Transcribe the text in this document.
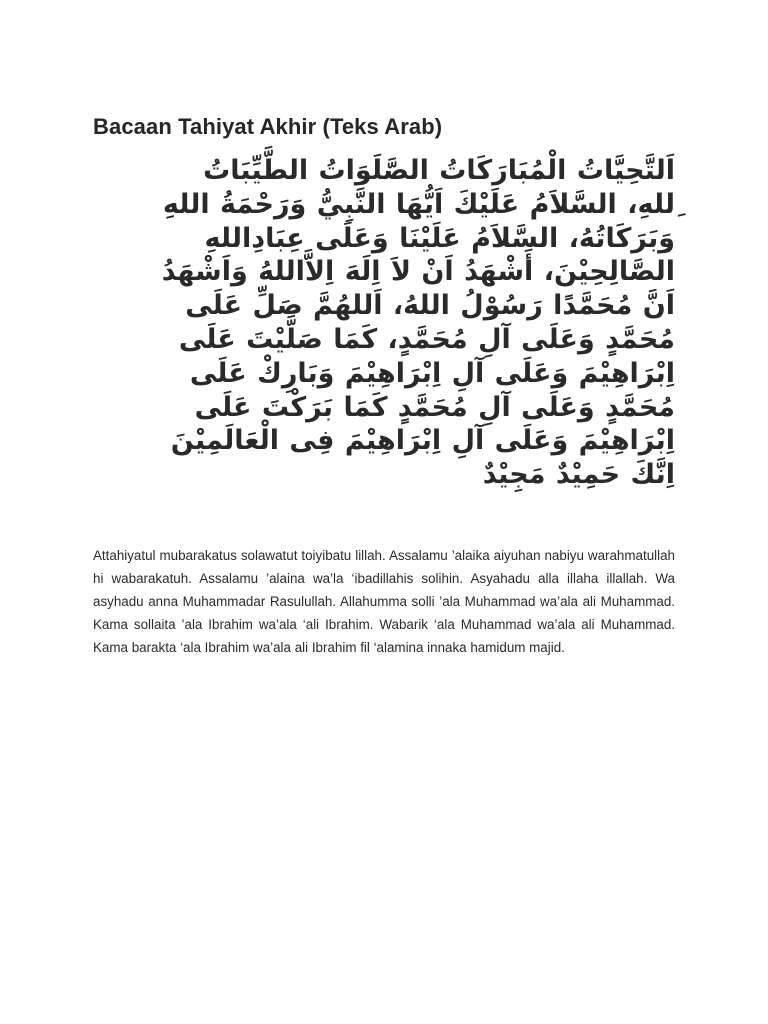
Bacaan Tahiyat Akhir (Teks Arab)
اَلتَّحِيَّاتُ الْمُبَارَكَاتُ الصَّلَوَاتُ الطَّيِّبَاتُ
ِللهِ، السَّلاَمُ عَلَيْكَ اَيُّهَا النَّبِيُّ وَرَحْمَةُ اللهِ
وَبَرَكَاتُهُ، السَّلاَمُ عَلَيْنَا وَعَلَى عِبَادِاللهِ
الصَّالِحِيْنَ، أَشْهَدُ اَنْ لاَ اِلَهَ اِلاَّاللهُ وَاَشْهَدُ
اَنَّ مُحَمَّدًا رَسُوْلُ اللهُ، اَللهُمَّ صَلِّ عَلَى
مُحَمَّدٍ وَعَلَى آلِ مُحَمَّدٍ، كَمَا صَلَّيْتَ عَلَى
اِبْرَاهِيْمَ وَعَلَى آلِ اِبْرَاهِيْمَ وَبَارِكْ عَلَى
مُحَمَّدٍ وَعَلَى آلِ مُحَمَّدٍ كَمَا بَرَكْتَ عَلَى
اِبْرَاهِيْمَ وَعَلَى آلِ اِبْرَاهِيْمَ فِى الْعَالَمِيْنَ
اِنَّكَ حَمِيْدٌ مَجِيْدٌ

Attahiyatul mubarakatus solawatut toiyibatu lillah. Assalamu ’alaika aiyuhan nabiyu warahmatullah hi wabarakatuh. Assalamu ’alaina wa’la ‘ibadillahis solihin. Asyahadu alla illaha illallah. Wa asyhadu anna Muhammadar Rasulullah. Allahumma solli ’ala Muhammad wa’ala ali Muhammad. Kama sollaita ’ala Ibrahim wa’ala ‘ali Ibrahim. Wabarik ‘ala Muhammad wa’ala ali Muhammad. Kama barakta ‘ala Ibrahim wa’ala ali Ibrahim fil ‘alamina innaka hamidum majid.
